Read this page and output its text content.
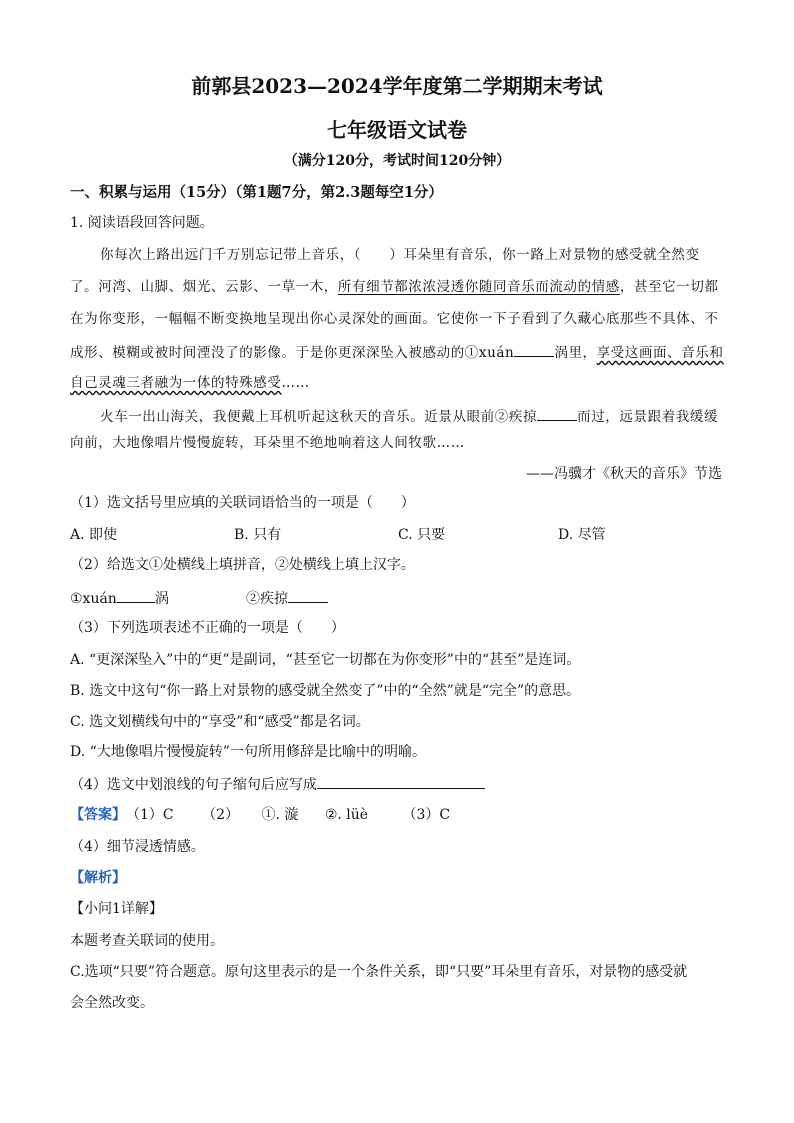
前郭县2023—2024学年度第二学期期末考试
七年级语文试卷
（满分120分，考试时间120分钟）
一、积累与运用（15分）（第1题7分，第2.3题每空1分）
1. 阅读语段回答问题。
你每次上路出远门千万别忘记带上音乐，（　　）耳朵里有音乐，你一路上对景物的感受就全然变
了。河湾、山脚、烟光、云影、一草一木，所有细节都浓浓浸透你随同音乐而流动的情感，甚至它一切都
在为你变形，一幅幅不断变换地呈现出你心灵深处的画面。它使你一下子看到了久藏心底那些不具体、不
成形、模糊或被时间湮没了的影像。于是你更深深坠入被感动的①xuán	涡里，享受这画面、音乐和
自己灵魂三者融为一体的特殊感受……
火车一出山海关，我便戴上耳机听起这秋天的音乐。近景从眼前②疾掠	而过，远景跟着我缓缓
向前，大地像唱片慢慢旋转，耳朵里不绝地响着这人间牧歌……
——冯骥才《秋天的音乐》节选
（1）选文括号里应填的关联词语恰当的一项是（　　）
A. 即使	B. 只有	C. 只要	D. 尽管
（2）给选文①处横线上填拼音，②处横线上填上汉字。
①xuán	涡	②疾掠
（3）下列选项表述不正确的一项是（　　）
A. “更深深坠入”中的“更”是副词，“甚至它一切都在为你变形”中的“甚至”是连词。
B. 选文中这句“你一路上对景物的感受就全然变了”中的“全然”就是“完全”的意思。
C. 选文划横线句中的“享受”和“感受”都是名词。
D. “大地像唱片慢慢旋转”一句所用修辞是比喻中的明喻。
（4）选文中划浪线的句子缩句后应写成
【答案】（1）C （2） ①. 漩 ②. lüè （3）C
（4）细节浸透情感。
【解析】
【小问1详解】
本题考查关联词的使用。
C.选项“只要”符合题意。原句这里表示的是一个条件关系，即“只要”耳朵里有音乐，对景物的感受就
会全然改变。
